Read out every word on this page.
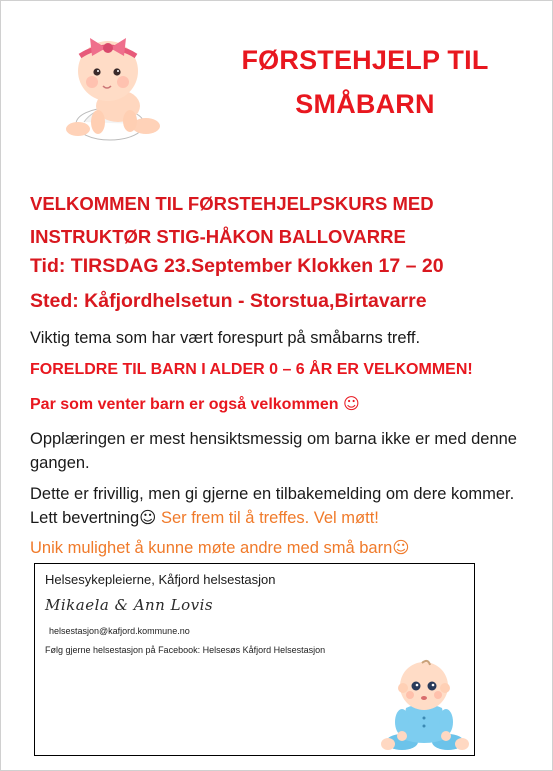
FØRSTEHJELP TIL
SMÅBARN
VELKOMMEN TIL FØRSTEHJELPSKURS MED
INSTRUKTØR STIG-HÅKON BALLOVARRE
Tid: TIRSDAG 23.September Klokken 17 – 20
Sted: Kåfjordhelsetun - Storstua,Birtavarre
Viktig tema som har vært forespurt på småbarns treff.
FORELDRE TIL BARN I ALDER 0 – 6 ÅR ER VELKOMMEN!
Par som venter barn er også velkommen ☺
Opplæringen er mest hensiktsmessig om barna ikke er med denne gangen.
Dette er frivillig, men gi gjerne en tilbakemelding om dere kommer. Lett bevertning☺ Ser frem til å treffes. Vel møtt!
Unik mulighet å kunne møte andre med små barn☺
Helsesykepleierne, Kåfjord helsestasjon
Mikaela & Ann Lovis
helsestasjon@kafjord.kommune.no
Følg gjerne helsestasjon på Facebook: Helsesøs Kåfjord Helsestasjon
